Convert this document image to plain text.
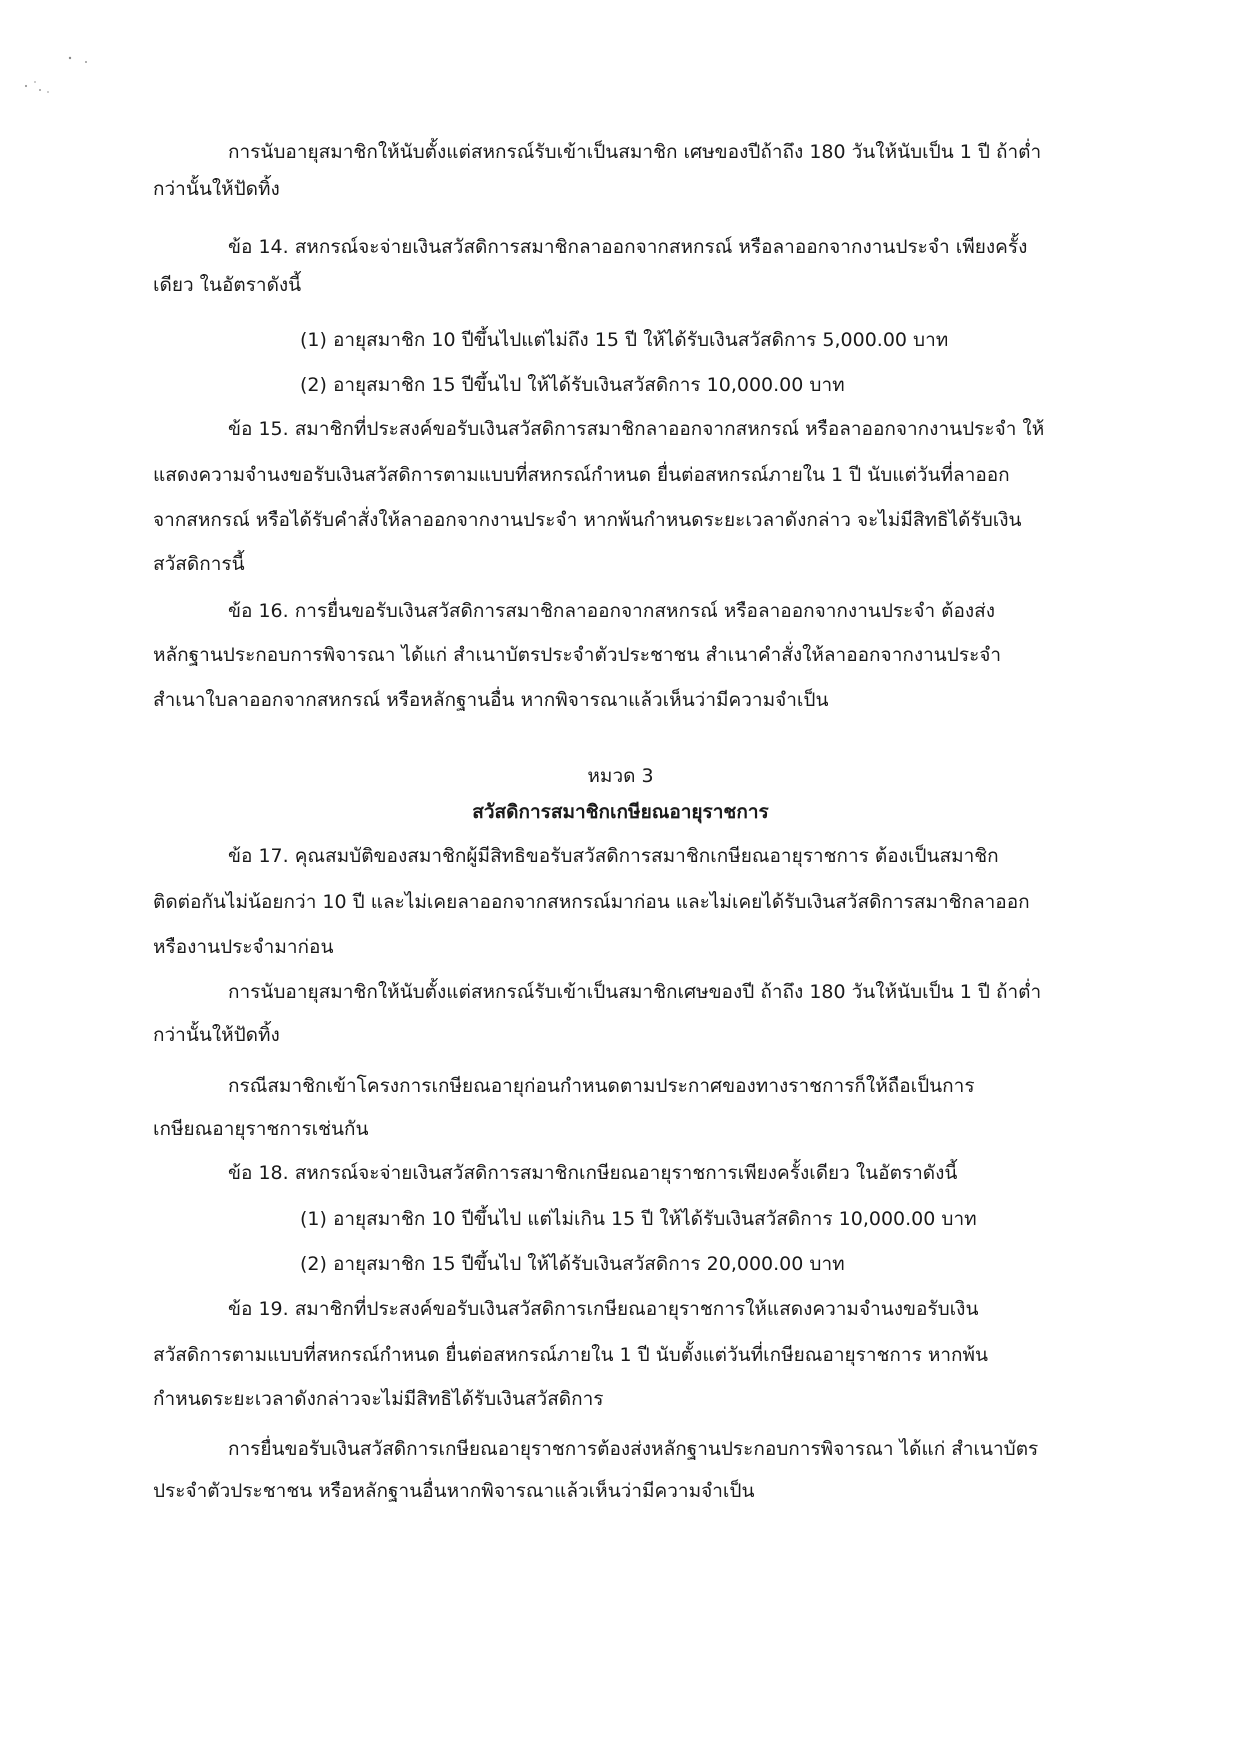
การนับอายุสมาชิกให้นับตั้งแต่สหกรณ์รับเข้าเป็นสมาชิก เศษของปีถ้าถึง 180 วันให้นับเป็น 1 ปี ถ้าต่ำ
กว่านั้นให้ปัดทิ้ง
ข้อ 14. สหกรณ์จะจ่ายเงินสวัสดิการสมาชิกลาออกจากสหกรณ์ หรือลาออกจากงานประจำ เพียงครั้ง
เดียว ในอัตราดังนี้
(1) อายุสมาชิก 10 ปีขึ้นไปแต่ไม่ถึง 15 ปี ให้ได้รับเงินสวัสดิการ 5,000.00 บาท
(2) อายุสมาชิก 15 ปีขึ้นไป ให้ได้รับเงินสวัสดิการ 10,000.00 บาท
ข้อ 15. สมาชิกที่ประสงค์ขอรับเงินสวัสดิการสมาชิกลาออกจากสหกรณ์ หรือลาออกจากงานประจำ ให้
แสดงความจำนงขอรับเงินสวัสดิการตามแบบที่สหกรณ์กำหนด ยื่นต่อสหกรณ์ภายใน 1 ปี นับแต่วันที่ลาออก
จากสหกรณ์ หรือได้รับคำสั่งให้ลาออกจากงานประจำ หากพ้นกำหนดระยะเวลาดังกล่าว จะไม่มีสิทธิได้รับเงิน
สวัสดิการนี้
ข้อ 16. การยื่นขอรับเงินสวัสดิการสมาชิกลาออกจากสหกรณ์ หรือลาออกจากงานประจำ ต้องส่ง
หลักฐานประกอบการพิจารณา ได้แก่ สำเนาบัตรประจำตัวประชาชน สำเนาคำสั่งให้ลาออกจากงานประจำ
สำเนาใบลาออกจากสหกรณ์ หรือหลักฐานอื่น หากพิจารณาแล้วเห็นว่ามีความจำเป็น
หมวด 3
สวัสดิการสมาชิกเกษียณอายุราชการ
ข้อ 17. คุณสมบัติของสมาชิกผู้มีสิทธิขอรับสวัสดิการสมาชิกเกษียณอายุราชการ ต้องเป็นสมาชิก
ติดต่อกันไม่น้อยกว่า 10 ปี และไม่เคยลาออกจากสหกรณ์มาก่อน และไม่เคยได้รับเงินสวัสดิการสมาชิกลาออก
หรืองานประจำมาก่อน
การนับอายุสมาชิกให้นับตั้งแต่สหกรณ์รับเข้าเป็นสมาชิกเศษของปี ถ้าถึง 180 วันให้นับเป็น 1 ปี ถ้าต่ำ
กว่านั้นให้ปัดทิ้ง
กรณีสมาชิกเข้าโครงการเกษียณอายุก่อนกำหนดตามประกาศของทางราชการก็ให้ถือเป็นการ
เกษียณอายุราชการเช่นกัน
ข้อ 18. สหกรณ์จะจ่ายเงินสวัสดิการสมาชิกเกษียณอายุราชการเพียงครั้งเดียว ในอัตราดังนี้
(1) อายุสมาชิก 10 ปีขึ้นไป แต่ไม่เกิน 15 ปี ให้ได้รับเงินสวัสดิการ 10,000.00 บาท
(2) อายุสมาชิก 15 ปีขึ้นไป ให้ได้รับเงินสวัสดิการ 20,000.00 บาท
ข้อ 19. สมาชิกที่ประสงค์ขอรับเงินสวัสดิการเกษียณอายุราชการให้แสดงความจำนงขอรับเงิน
สวัสดิการตามแบบที่สหกรณ์กำหนด ยื่นต่อสหกรณ์ภายใน 1 ปี นับตั้งแต่วันที่เกษียณอายุราชการ หากพ้น
กำหนดระยะเวลาดังกล่าวจะไม่มีสิทธิได้รับเงินสวัสดิการ
การยื่นขอรับเงินสวัสดิการเกษียณอายุราชการต้องส่งหลักฐานประกอบการพิจารณา ได้แก่ สำเนาบัตร
ประจำตัวประชาชน หรือหลักฐานอื่นหากพิจารณาแล้วเห็นว่ามีความจำเป็น
